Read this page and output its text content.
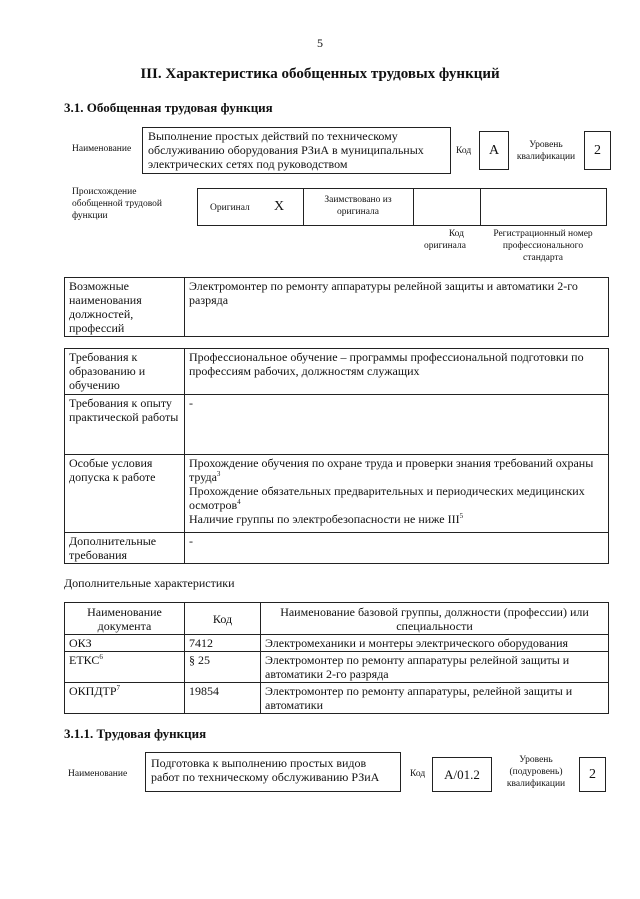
5
III. Характеристика обобщенных трудовых функций
3.1. Обобщенная трудовая функция
Наименование
Выполнение простых действий по техническому обслуживанию оборудования РЗиА в муниципальных электрических сетях под руководством
Код	A	Уровень квалификации	2
Происхождение обобщенной трудовой функции
Оригинал X	Заимствовано из оригинала
Код оригинала
Регистрационный номер профессионального стандарта
Возможные наименования должностей, профессий	Электромонтер по ремонту аппаратуры релейной защиты и автоматики 2-го разряда
Требования к образованию и обучению	Профессиональное обучение – программы профессиональной подготовки по профессиям рабочих, должностям служащих
Требования к опыту практической работы	-
Особые условия допуска к работе	Прохождение обучения по охране труда и проверки знания требований охраны труда$^3$
Прохождение обязательных предварительных и периодических медицинских осмотров$^4$
Наличие группы по электробезопасности не ниже III$^5$

Дополнительные требования	-
Дополнительные характеристики
Наименование документа	Код	Наименование базовой группы, должности (профессии) или специальности
ОКЗ	7412	Электромеханики и монтеры электрического оборудования
ЕТКС$^6$	§ 25	Электромонтер по ремонту аппаратуры релейной защиты и автоматики 2-го разряда
ОКПДТР$^7$	19854	Электромонтер по ремонту аппаратуры, релейной защиты и автоматики
3.1.1. Трудовая функция
Наименование
Подготовка к выполнению простых видов работ по техническому обслуживанию РЗиА	Код	A/01.2
Уровень (подуровень) квалификации
2
